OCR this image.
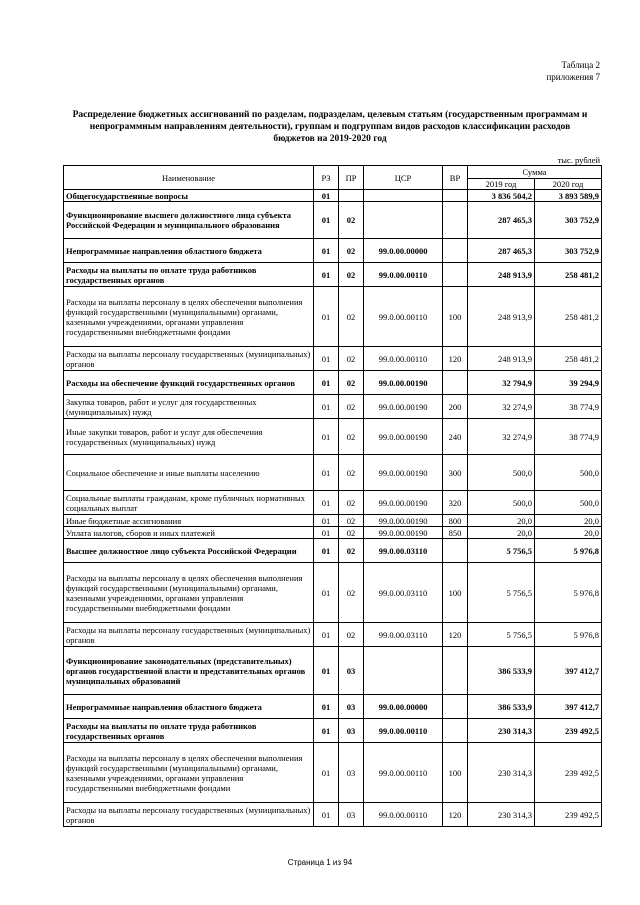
Таблица 2
приложения 7
Распределение бюджетных ассигнований по разделам, подразделам, целевым статьям (государственным программам и непрограммным направлениям деятельности), группам и подгруппам видов расходов классификации расходов бюджетов на 2019-2020 год
тыс. рублей
Наименование	РЗ	ПР	ЦСР	ВР	Сумма	
					2019 год	2020 год
Общегосударственные вопросы	01				3 836 504,2	3 893 589,9
Функционирование высшего должностного лица субъекта Российской Федерации и муниципального образования	01	02			287 465,3	303 752,9
Непрограммные направления областного бюджета	01	02	99.0.00.00000		287 465,3	303 752,9
Расходы на выплаты по оплате труда работников государственных органов	01	02	99.0.00.00110		248 913,9	258 481,2
Расходы на выплаты персоналу в целях обеспечения выполнения функций государственными (муниципальными) органами, казенными учреждениями, органами управления государственными внебюджетными фондами	01	02	99.0.00.00110	100	248 913,9	258 481,2
Расходы на выплаты персоналу государственных (муниципальных) органов	01	02	99.0.00.00110	120	248 913,9	258 481,2
Расходы на обеспечение функций государственных органов	01	02	99.0.00.00190		32 794,9	39 294,9
Закупка товаров, работ и услуг для государственных (муниципальных) нужд	01	02	99.0.00.00190	200	32 274,9	38 774,9
Иные закупки товаров, работ и услуг для обеспечения государственных (муниципальных) нужд	01	02	99.0.00.00190	240	32 274,9	38 774,9
Социальное обеспечение и иные выплаты населению	01	02	99.0.00.00190	300	500,0	500,0
Социальные выплаты гражданам, кроме публичных нормативных социальных выплат	01	02	99.0.00.00190	320	500,0	500,0
Иные бюджетные ассигнования	01	02	99.0.00.00190	800	20,0	20,0
Уплата налогов, сборов и иных платежей	01	02	99.0.00.00190	850	20,0	20,0
Высшее должностное лицо субъекта Российской Федерации	01	02	99.0.00.03110		5 756,5	5 976,8
Расходы на выплаты персоналу в целях обеспечения выполнения функций государственными (муниципальными) органами, казенными учреждениями, органами управления государственными внебюджетными фондами	01	02	99.0.00.03110	100	5 756,5	5 976,8
Расходы на выплаты персоналу государственных (муниципальных) органов	01	02	99.0.00.03110	120	5 756,5	5 976,8
Функционирование законодательных (представительных) органов государственной власти и представительных органов муниципальных образований	01	03			386 533,9	397 412,7
Непрограммные направления областного бюджета	01	03	99.0.00.00000		386 533,9	397 412,7
Расходы на выплаты по оплате труда работников государственных органов	01	03	99.0.00.00110		230 314,3	239 492,5
Расходы на выплаты персоналу в целях обеспечения выполнения функций государственными (муниципальными) органами, казенными учреждениями, органами управления государственными внебюджетными фондами	01	03	99.0.00.00110	100	230 314,3	239 492,5
Расходы на выплаты персоналу государственных (муниципальных) органов	01	03	99.0.00.00110	120	230 314,3	239 492,5
Страница 1 из 94
